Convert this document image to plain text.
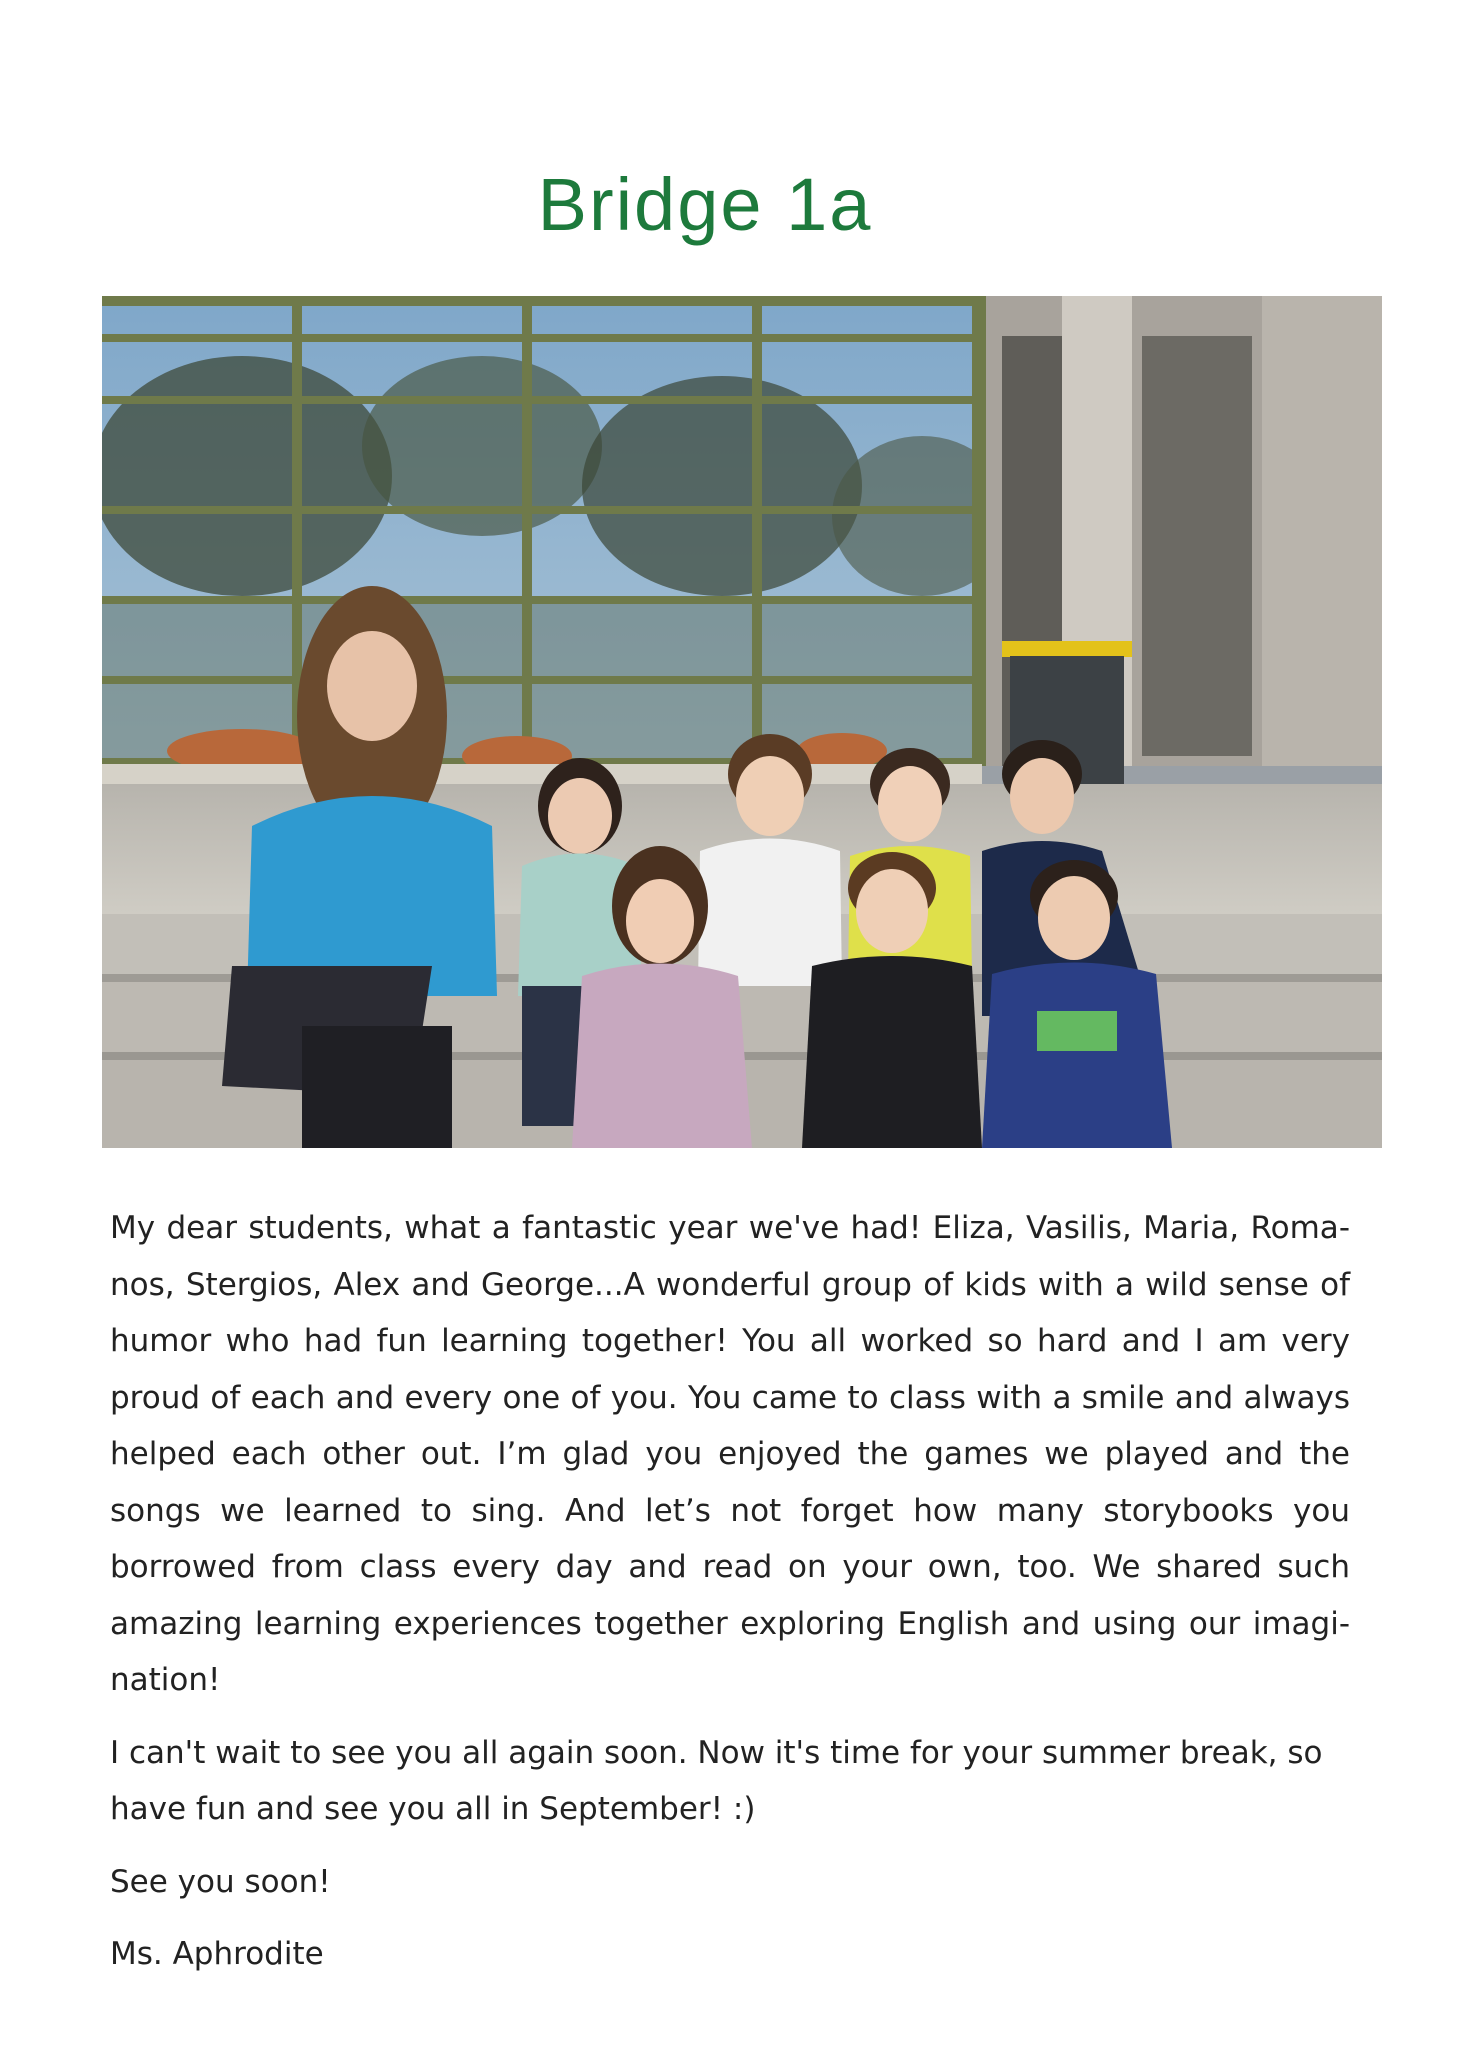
Bridge 1a

My dear students, what a fantastic year we've had! Eliza, Vasilis, Maria, Romanos, Stergios, Alex and George...A wonderful group of kids with a wild sense of humor who had fun learning together! You all worked so hard and I am very proud of each and every one of you. You came to class with a smile and always helped each other out. I’m glad you enjoyed the games we played and the songs we learned to sing. And let’s not forget how many storybooks you borrowed from class every day and read on your own, too. We shared such amazing learning experiences together exploring English and using our imagination!

I can't wait to see you all again soon. Now it's time for your summer break, so have fun and see you all in September! :)

See you soon!

Ms. Aphrodite
